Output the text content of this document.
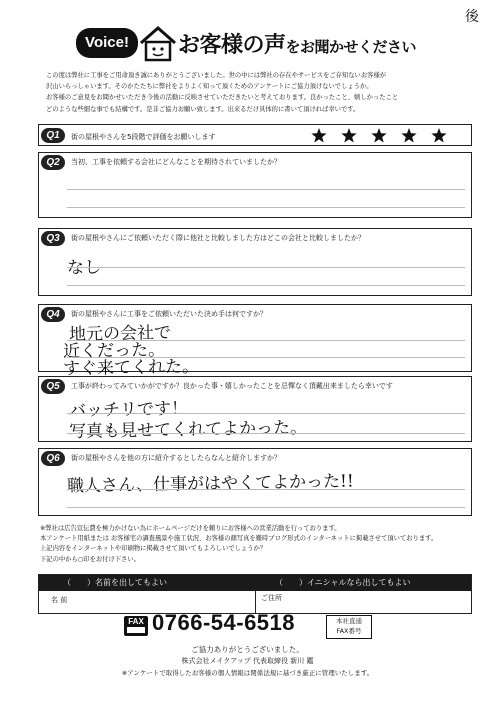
後
Voice!	お客様の声をお聞かせください
この度は弊社に工事をご用命頂き誠にありがとうございました。世の中には弊社の存在やサービスをご存知ないお客様が
沢山いらっしゃいます。そのかたたちに弊社をよりよく知って頂くためのアンケートにご協力頂けないでしょうか。
お客様のご意見をお聞かせいただき今後の活動に反映させていただきたいと考えております。良かったこと、嬉しかったこと
どのような些細な事でも結構です。是非ご協力お願い致します。出来るだけ具体的に書いて頂ければ幸いです。
Q1	街の屋根やさんを5段階で評価をお願いします
Q2	当初、工事を依頼する会社にどんなことを期待されていましたか？
Q3	街の屋根やさんにご依頼いただく際に他社と比較しました方はどこの会社と比較しましたか？
なし
Q4	街の屋根やさんに工事をご依頼いただいた決め手は何ですか？
地元の会社で
近くだった。
すぐ来てくれた。
Q5	工事が終わってみていかがですか？良かった事・嬉しかったことを忌憚なく頂戴出来ましたら幸いです
バッチリです！
写真も見せてくれてよかった。
Q6	街の屋根やさんを他の方に紹介するとしたらなんと紹介しますか？
職人さん、仕事がはやくてよかった!!
※弊社は広告宣伝費を極力かけない為にホームページだけを頼りにお客様への営業活動を行っております。
本アンケート用紙または お客様宅の調査風景や施工状況、お客様の顔写真を難時ブログ形式のインターネットに掲載させて頂いております。
上記内容をインターネットや印刷物に掲載させて頂いてもよろしいでしょうか？
下記の中から○印をお付け下さい。
（　　）名前を出してもよい	（　　）イニシャルなら出してもよい
名 前	ご住所
FAX 0766-54-6518	本社直通
FAX番号
ご協力ありがとうございました。
株式会社メイクアップ 代表取締役 新川 鑑
※アンケートで取得したお客様の個人情報は関係法規に基づき厳正に管理いたします。
